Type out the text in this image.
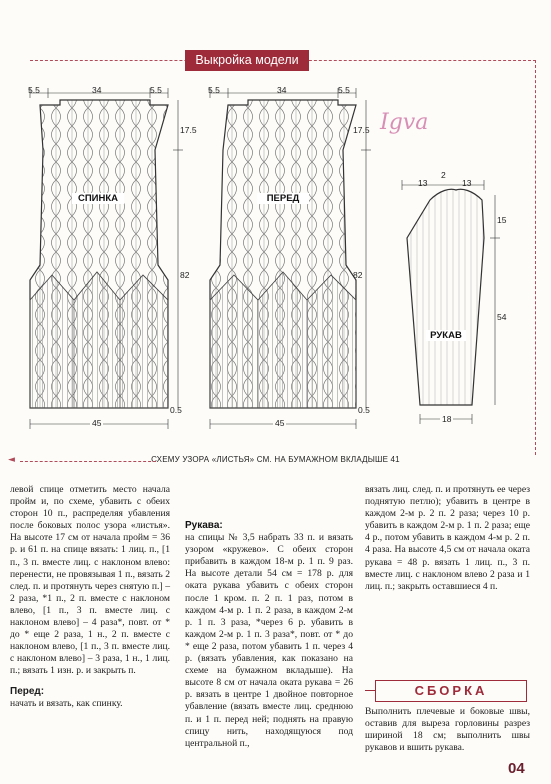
Выкройка модели
Igva
5.5	34	5.5
17.5
82
0.5
45
СПИНКА
5.5	34	5.5
17.5
82
0.5
45
ПЕРЕД
13
2
13
15
54
18
РУКАВ
◄	СХЕМУ УЗОРА «ЛИСТЬЯ» СМ. НА БУМАЖНОМ ВКЛАДЫШЕ 41

левой спице отметить место начала пройм и, по схеме, убавить с обеих сторон 10 п., распределяя убавления после боковых полос узора «листья». На высоте 17 см от начала пройм = 36 р. и 61 п. на спице вязать: 1 лиц. п., [1 п., 3 п. вместе лиц. с наклоном влево: перенести, не провязывая 1 п., вязать 2 след. п. и протянуть через снятую п.] – 2 раза, *1 п., 2 п. вместе с наклоном влево, [1 п., 3 п. вместе лиц. с наклоном влево] – 4 раза*, повт. от * до * еще 2 раза, 1 н., 2 п. вместе с наклоном влево, [1 п., 3 п. вместе лиц. с наклоном влево] – 3 раза, 1 н., 1 лиц. п.; вязать 1 изн. р. и закрыть п.

Перед:

начать и вязать, как спинку.

Рукава:

на спицы № 3,5 набрать 33 п. и вязать узором «кружево». С обеих сторон прибавить в каждом 18-м р. 1 п. 9 раз. На высоте детали 54 см = 178 р. для оката рукава убавить с обеих сторон после 1 кром. п. 2 п. 1 раз, потом в каждом 4-м р. 1 п. 2 раза, в каждом 2-м р. 1 п. 3 раза, *через 6 р. убавить в каждом 2-м р. 1 п. 3 раза*, повт. от * до * еще 2 раза, потом убавить 1 п. через 4 р. (вязать убавления, как показано на схеме на бумажном вкладыше). На высоте 8 см от начала оката рукава = 26 р. вязать в центре 1 двойное повторное убавление (вязать вместе лиц. среднюю п. и 1 п. перед ней; поднять на правую спицу нить, находящуюся под центральной п.,

вязать лиц. след. п. и протянуть ее через поднятую петлю); убавить в центре в каждом 2-м р. 2 п. 2 раза; через 10 р. убавить в каждом 2-м р. 1 п. 2 раза; еще 4 р., потом убавить в каждом 4-м р. 2 п. 4 раза. На высоте 4,5 см от начала оката рукава = 48 р. вязать 1 лиц. п., 3 п. вместе лиц. с наклоном влево 2 раза и 1 лиц. п.; закрыть оставшиеся 4 п.

СБОРКА

Выполнить плечевые и боковые швы, оставив для выреза горловины разрез шириной 18 см; выполнить швы рукавов и вшить рукава.

04
